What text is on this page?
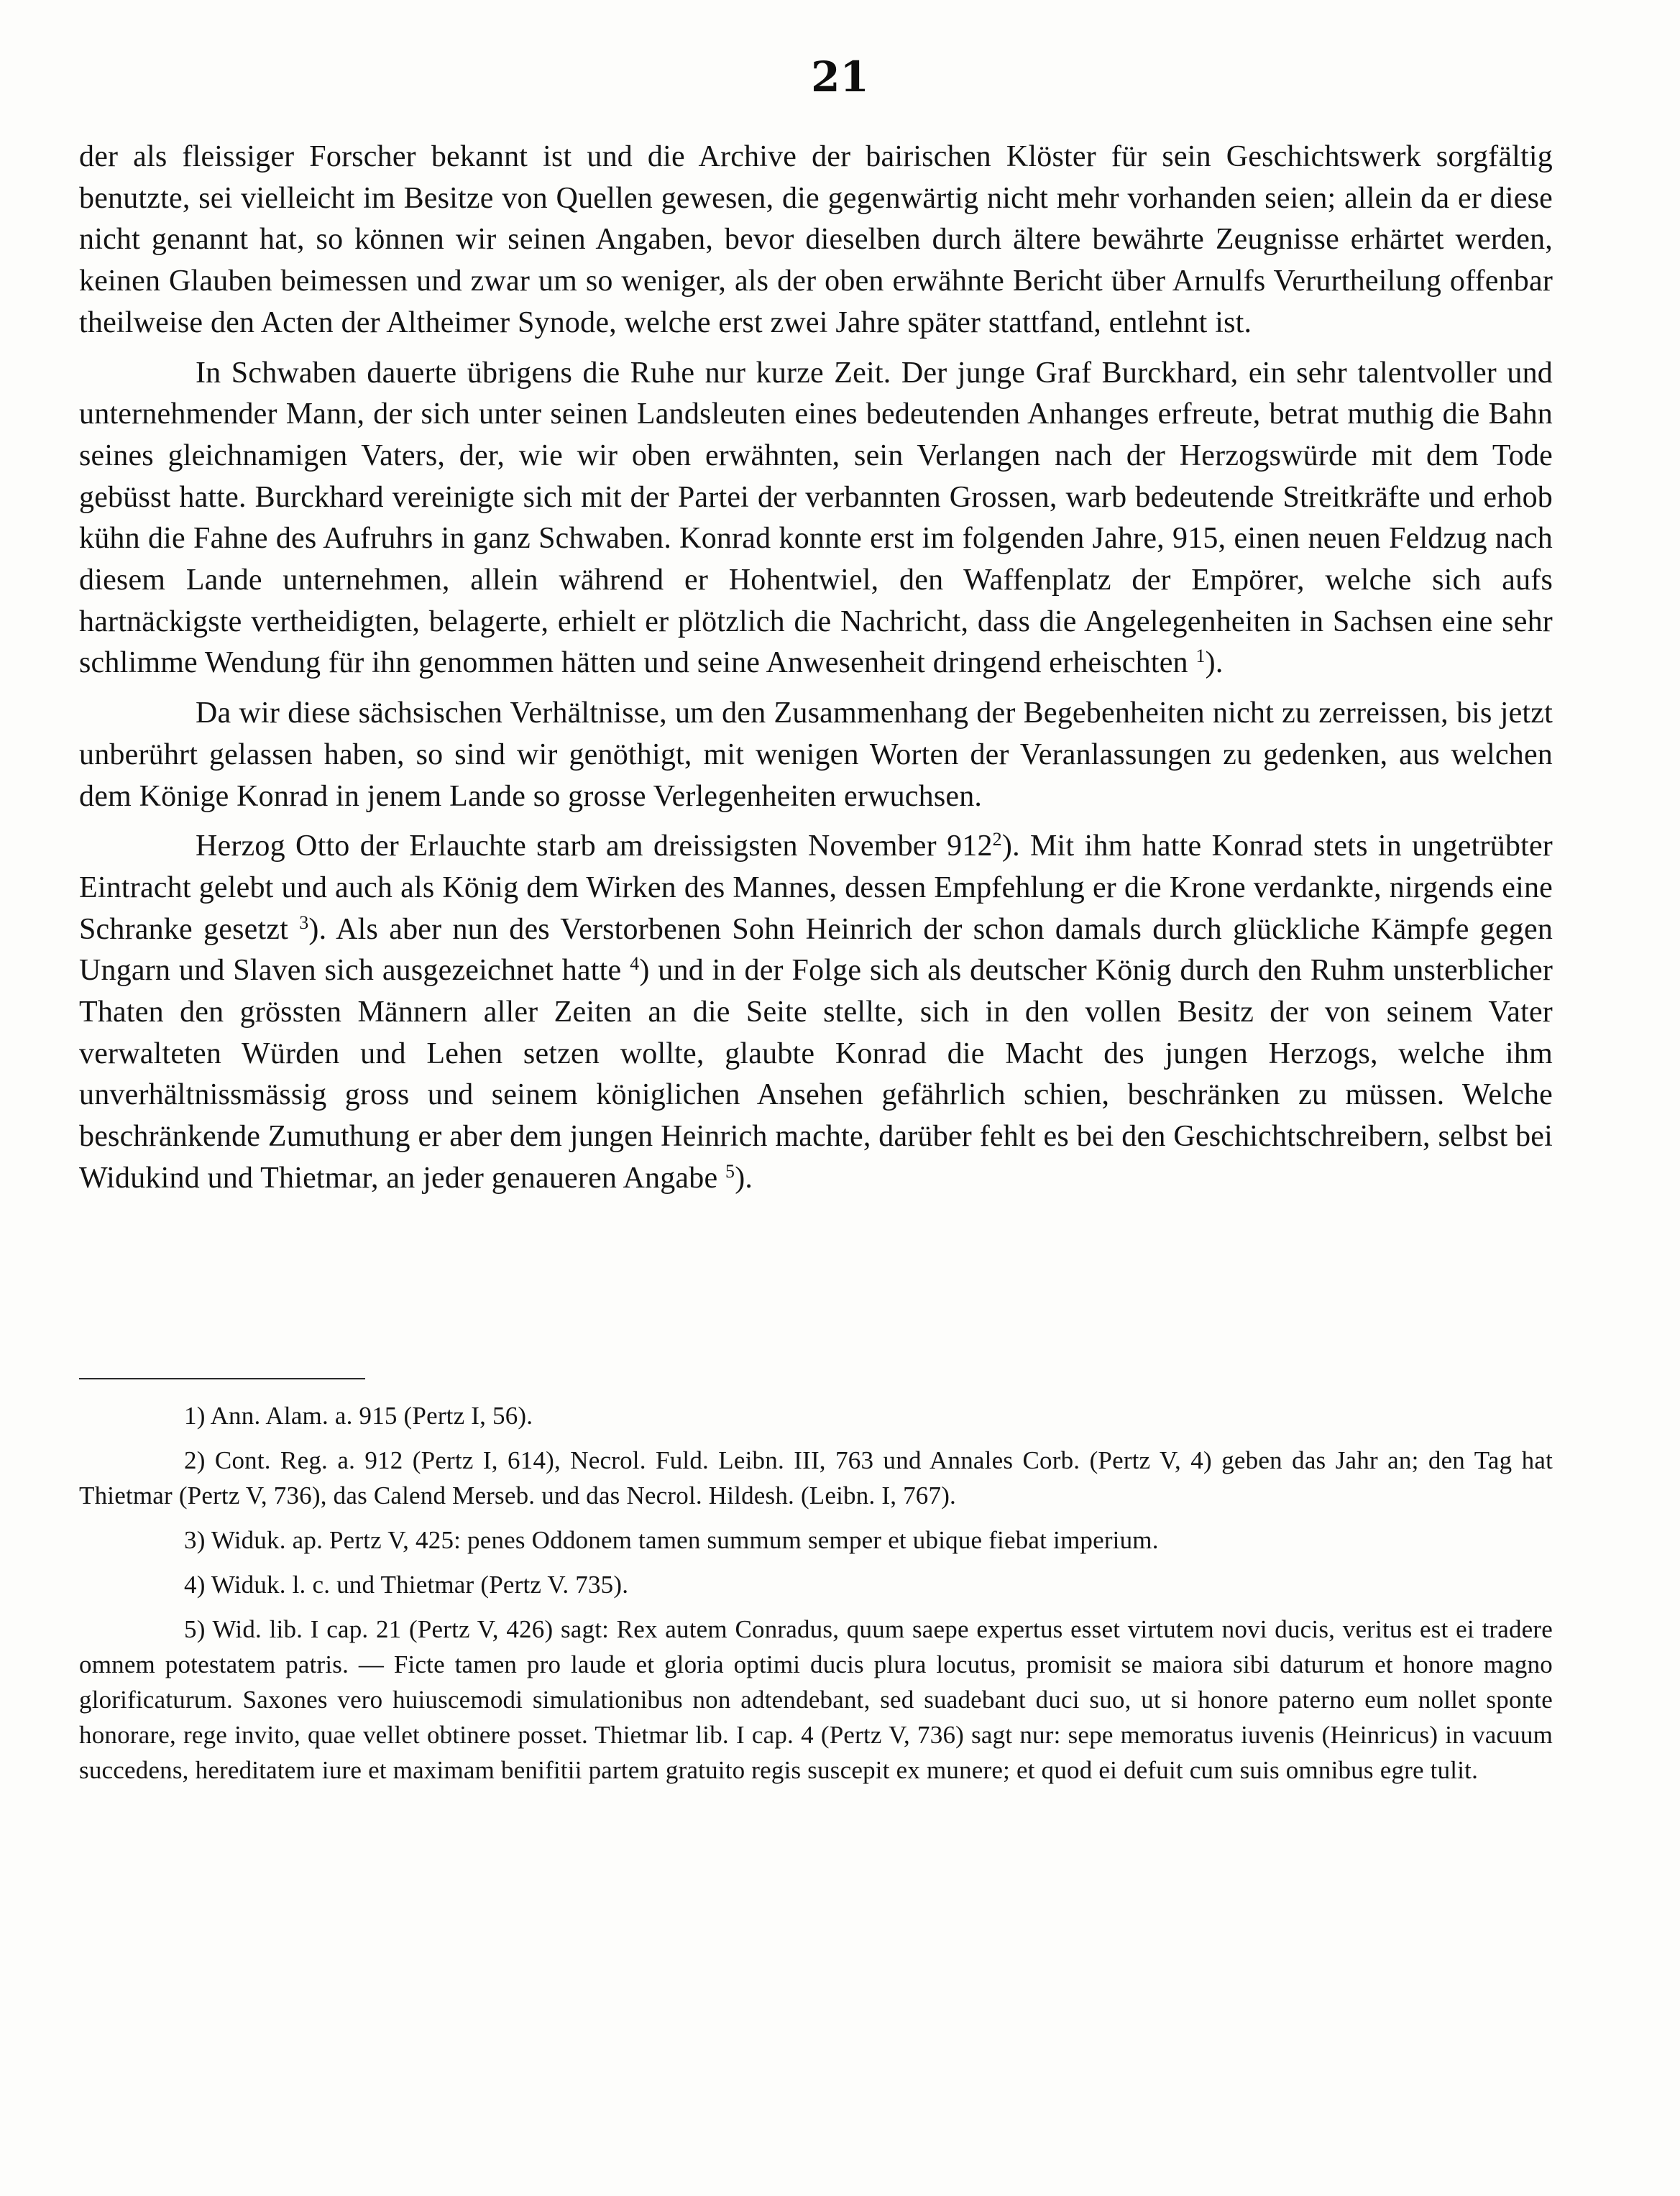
21

der als fleissiger Forscher bekannt ist und die Archive der bairischen Klöster für sein Geschichtswerk sorgfältig benutzte, sei vielleicht im Besitze von Quellen gewesen, die gegenwärtig nicht mehr vorhanden seien; allein da er diese nicht genannt hat, so können wir seinen Angaben, bevor dieselben durch ältere bewährte Zeugnisse erhärtet werden, keinen Glauben beimessen und zwar um so weniger, als der oben erwähnte Bericht über Arnulfs Verurtheilung offenbar theilweise den Acten der Altheimer Synode, welche erst zwei Jahre später stattfand, entlehnt ist.

In Schwaben dauerte übrigens die Ruhe nur kurze Zeit. Der junge Graf Burckhard, ein sehr talentvoller und unternehmender Mann, der sich unter seinen Landsleuten eines bedeutenden Anhanges erfreute, betrat muthig die Bahn seines gleichnamigen Vaters, der, wie wir oben erwähnten, sein Verlangen nach der Herzogswürde mit dem Tode gebüsst hatte. Burckhard vereinigte sich mit der Partei der verbannten Grossen, warb bedeutende Streitkräfte und erhob kühn die Fahne des Aufruhrs in ganz Schwaben. Konrad konnte erst im folgenden Jahre, 915, einen neuen Feldzug nach diesem Lande unternehmen, allein während er Hohentwiel, den Waffenplatz der Empörer, welche sich aufs hartnäckigste vertheidigten, belagerte, erhielt er plötzlich die Nachricht, dass die Angelegenheiten in Sachsen eine sehr schlimme Wendung für ihn genommen hätten und seine Anwesenheit dringend erheischten $^1$).

Da wir diese sächsischen Verhältnisse, um den Zusammenhang der Begebenheiten nicht zu zerreissen, bis jetzt unberührt gelassen haben, so sind wir genöthigt, mit wenigen Worten der Veranlassungen zu gedenken, aus welchen dem Könige Konrad in jenem Lande so grosse Verlegenheiten erwuchsen.

Herzog Otto der Erlauchte starb am dreissigsten November $912^2$). Mit ihm hatte Konrad stets in ungetrübter Eintracht gelebt und auch als König dem Wirken des Mannes, dessen Empfehlung er die Krone verdankte, nirgends eine Schranke gesetzt $^3$). Als aber nun des Verstorbenen Sohn Heinrich der schon damals durch glückliche Kämpfe gegen Ungarn und Slaven sich ausgezeichnet hatte $^4$) und in der Folge sich als deutscher König durch den Ruhm unsterblicher Thaten den grössten Männern aller Zeiten an die Seite stellte, sich in den vollen Besitz der von seinem Vater verwalteten Würden und Lehen setzen wollte, glaubte Konrad die Macht des jungen Herzogs, welche ihm unverhältnissmässig gross und seinem königlichen Ansehen gefährlich schien, beschränken zu müssen. Welche beschränkende Zumuthung er aber dem jungen Heinrich machte, darüber fehlt es bei den Geschichtschreibern, selbst bei Widukind und Thietmar, an jeder genaueren Angabe $^5$).

1) Ann. Alam. a. 915 (Pertz I, 56).

2) Cont. Reg. a. 912 (Pertz I, 614), Necrol. Fuld. Leibn. III, 763 und Annales Corb. (Pertz V, 4) geben das Jahr an; den Tag hat Thietmar (Pertz V, 736), das Calend Merseb. und das Necrol. Hildesh. (Leibn. I, 767).

3) Widuk. ap. Pertz V, 425: penes Oddonem tamen summum semper et ubique fiebat imperium.

4) Widuk. l. c. und Thietmar (Pertz V. 735).

5) Wid. lib. I cap. 21 (Pertz V, 426) sagt: Rex autem Conradus, quum saepe expertus esset virtutem novi ducis, veritus est ei tradere omnem potestatem patris. — Ficte tamen pro laude et gloria optimi ducis plura locutus, promisit se maiora sibi daturum et honore magno glorificaturum. Saxones vero huiuscemodi simulationibus non adtendebant, sed suadebant duci suo, ut si honore paterno eum nollet sponte honorare, rege invito, quae vellet obtinere posset. Thietmar lib. I cap. 4 (Pertz V, 736) sagt nur: sepe memoratus iuvenis (Heinricus) in vacuum succedens, hereditatem iure et maximam benifitii partem gratuito regis suscepit ex munere; et quod ei defuit cum suis omnibus egre tulit.
